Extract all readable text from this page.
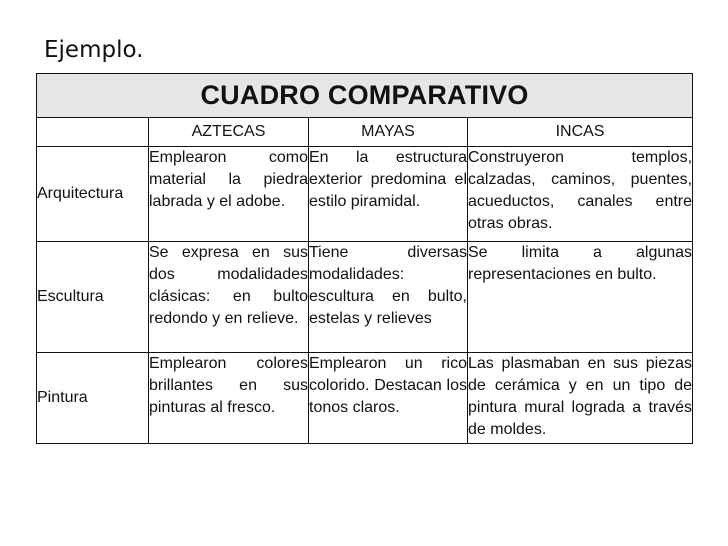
Ejemplo.
CUADRO COMPARATIVO			
	AZTECAS	MAYAS	INCAS
Arquitectura	Emplearon como material la piedra labrada y el adobe.	En la estructura exterior predomina el estilo piramidal.	Construyeron templos, calzadas, caminos, puentes, acueductos, canales entre otras obras.
Escultura	Se expresa en sus dos modalidades clásicas: en bulto redondo y en relieve.	Tiene diversas modalidades: escultura en bulto, estelas y relieves	Se limita a algunas representaciones en bulto.
Pintura	Emplearon colores brillantes en sus pinturas al fresco.	Emplearon un rico colorido. Destacan los tonos claros.	Las plasmaban en sus piezas de cerámica y en un tipo de pintura mural lograda a través de moldes.
